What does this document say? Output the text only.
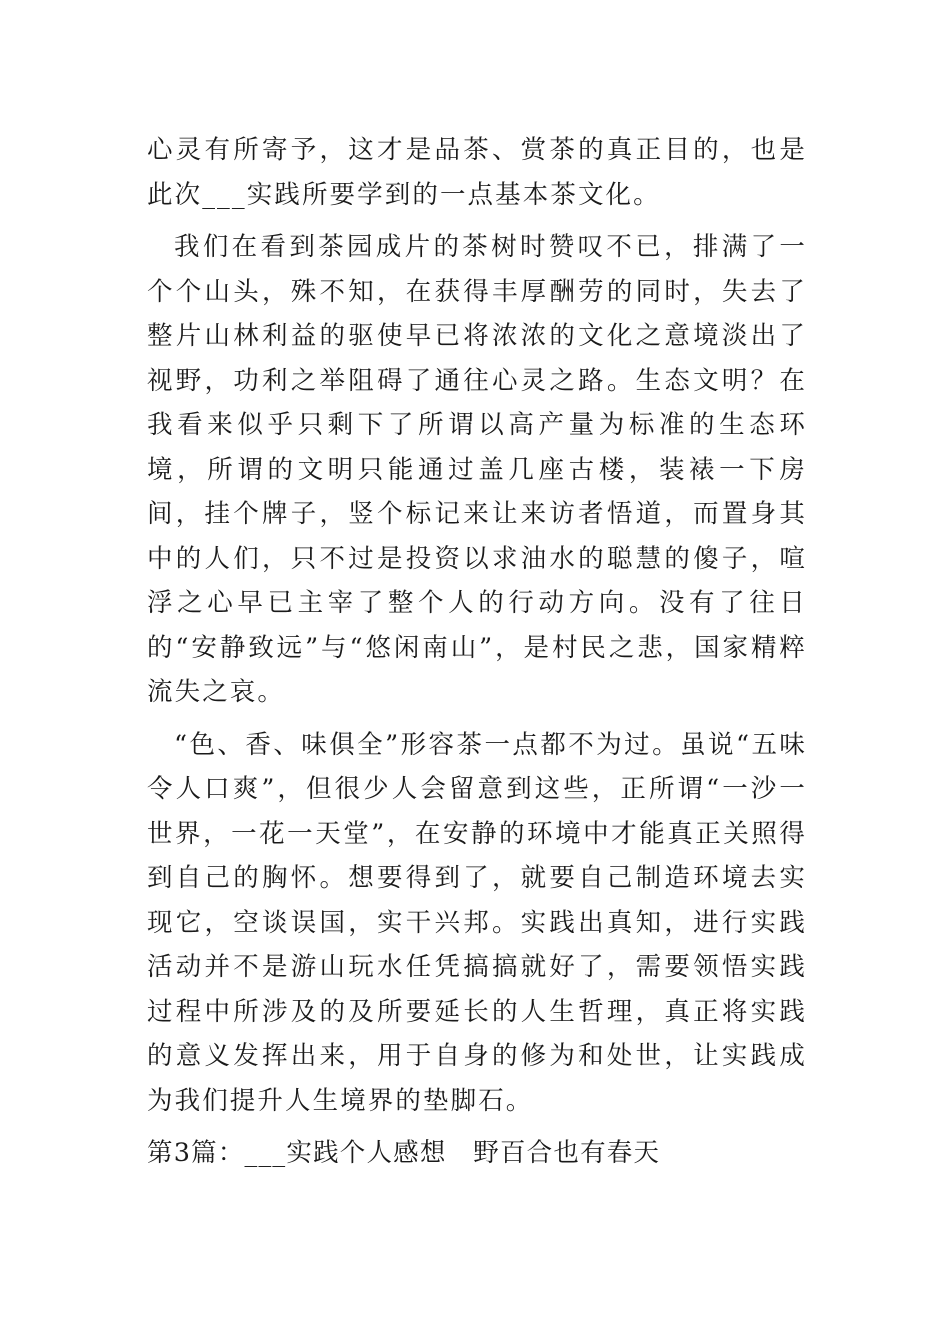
心灵有所寄予，这才是品茶、赏茶的真正目的，也是此次___实践所要学到的一点基本茶文化。

我们在看到茶园成片的茶树时赞叹不已，排满了一个个山头，殊不知，在获得丰厚酬劳的同时，失去了整片山林利益的驱使早已将浓浓的文化之意境淡出了视野，功利之举阻碍了通往心灵之路。生态文明？在我看来似乎只剩下了所谓以高产量为标准的生态环境，所谓的文明只能通过盖几座古楼，装裱一下房间，挂个牌子，竖个标记来让来访者悟道，而置身其中的人们，只不过是投资以求油水的聪慧的傻子，喧浮之心早已主宰了整个人的行动方向。没有了往日的“安静致远”与“悠闲南山”，是村民之悲，国家精粹流失之哀。

“色、香、味俱全”形容茶一点都不为过。虽说“五味令人口爽”，但很少人会留意到这些，正所谓“一沙一世界，一花一天堂”，在安静的环境中才能真正关照得到自己的胸怀。想要得到了，就要自己制造环境去实现它，空谈误国，实干兴邦。实践出真知，进行实践活动并不是游山玩水任凭搞搞就好了，需要领悟实践过程中所涉及的及所要延长的人生哲理，真正将实践的意义发挥出来，用于自身的修为和处世，让实践成为我们提升人生境界的垫脚石。

第3篇：___实践个人感想　野百合也有春天
